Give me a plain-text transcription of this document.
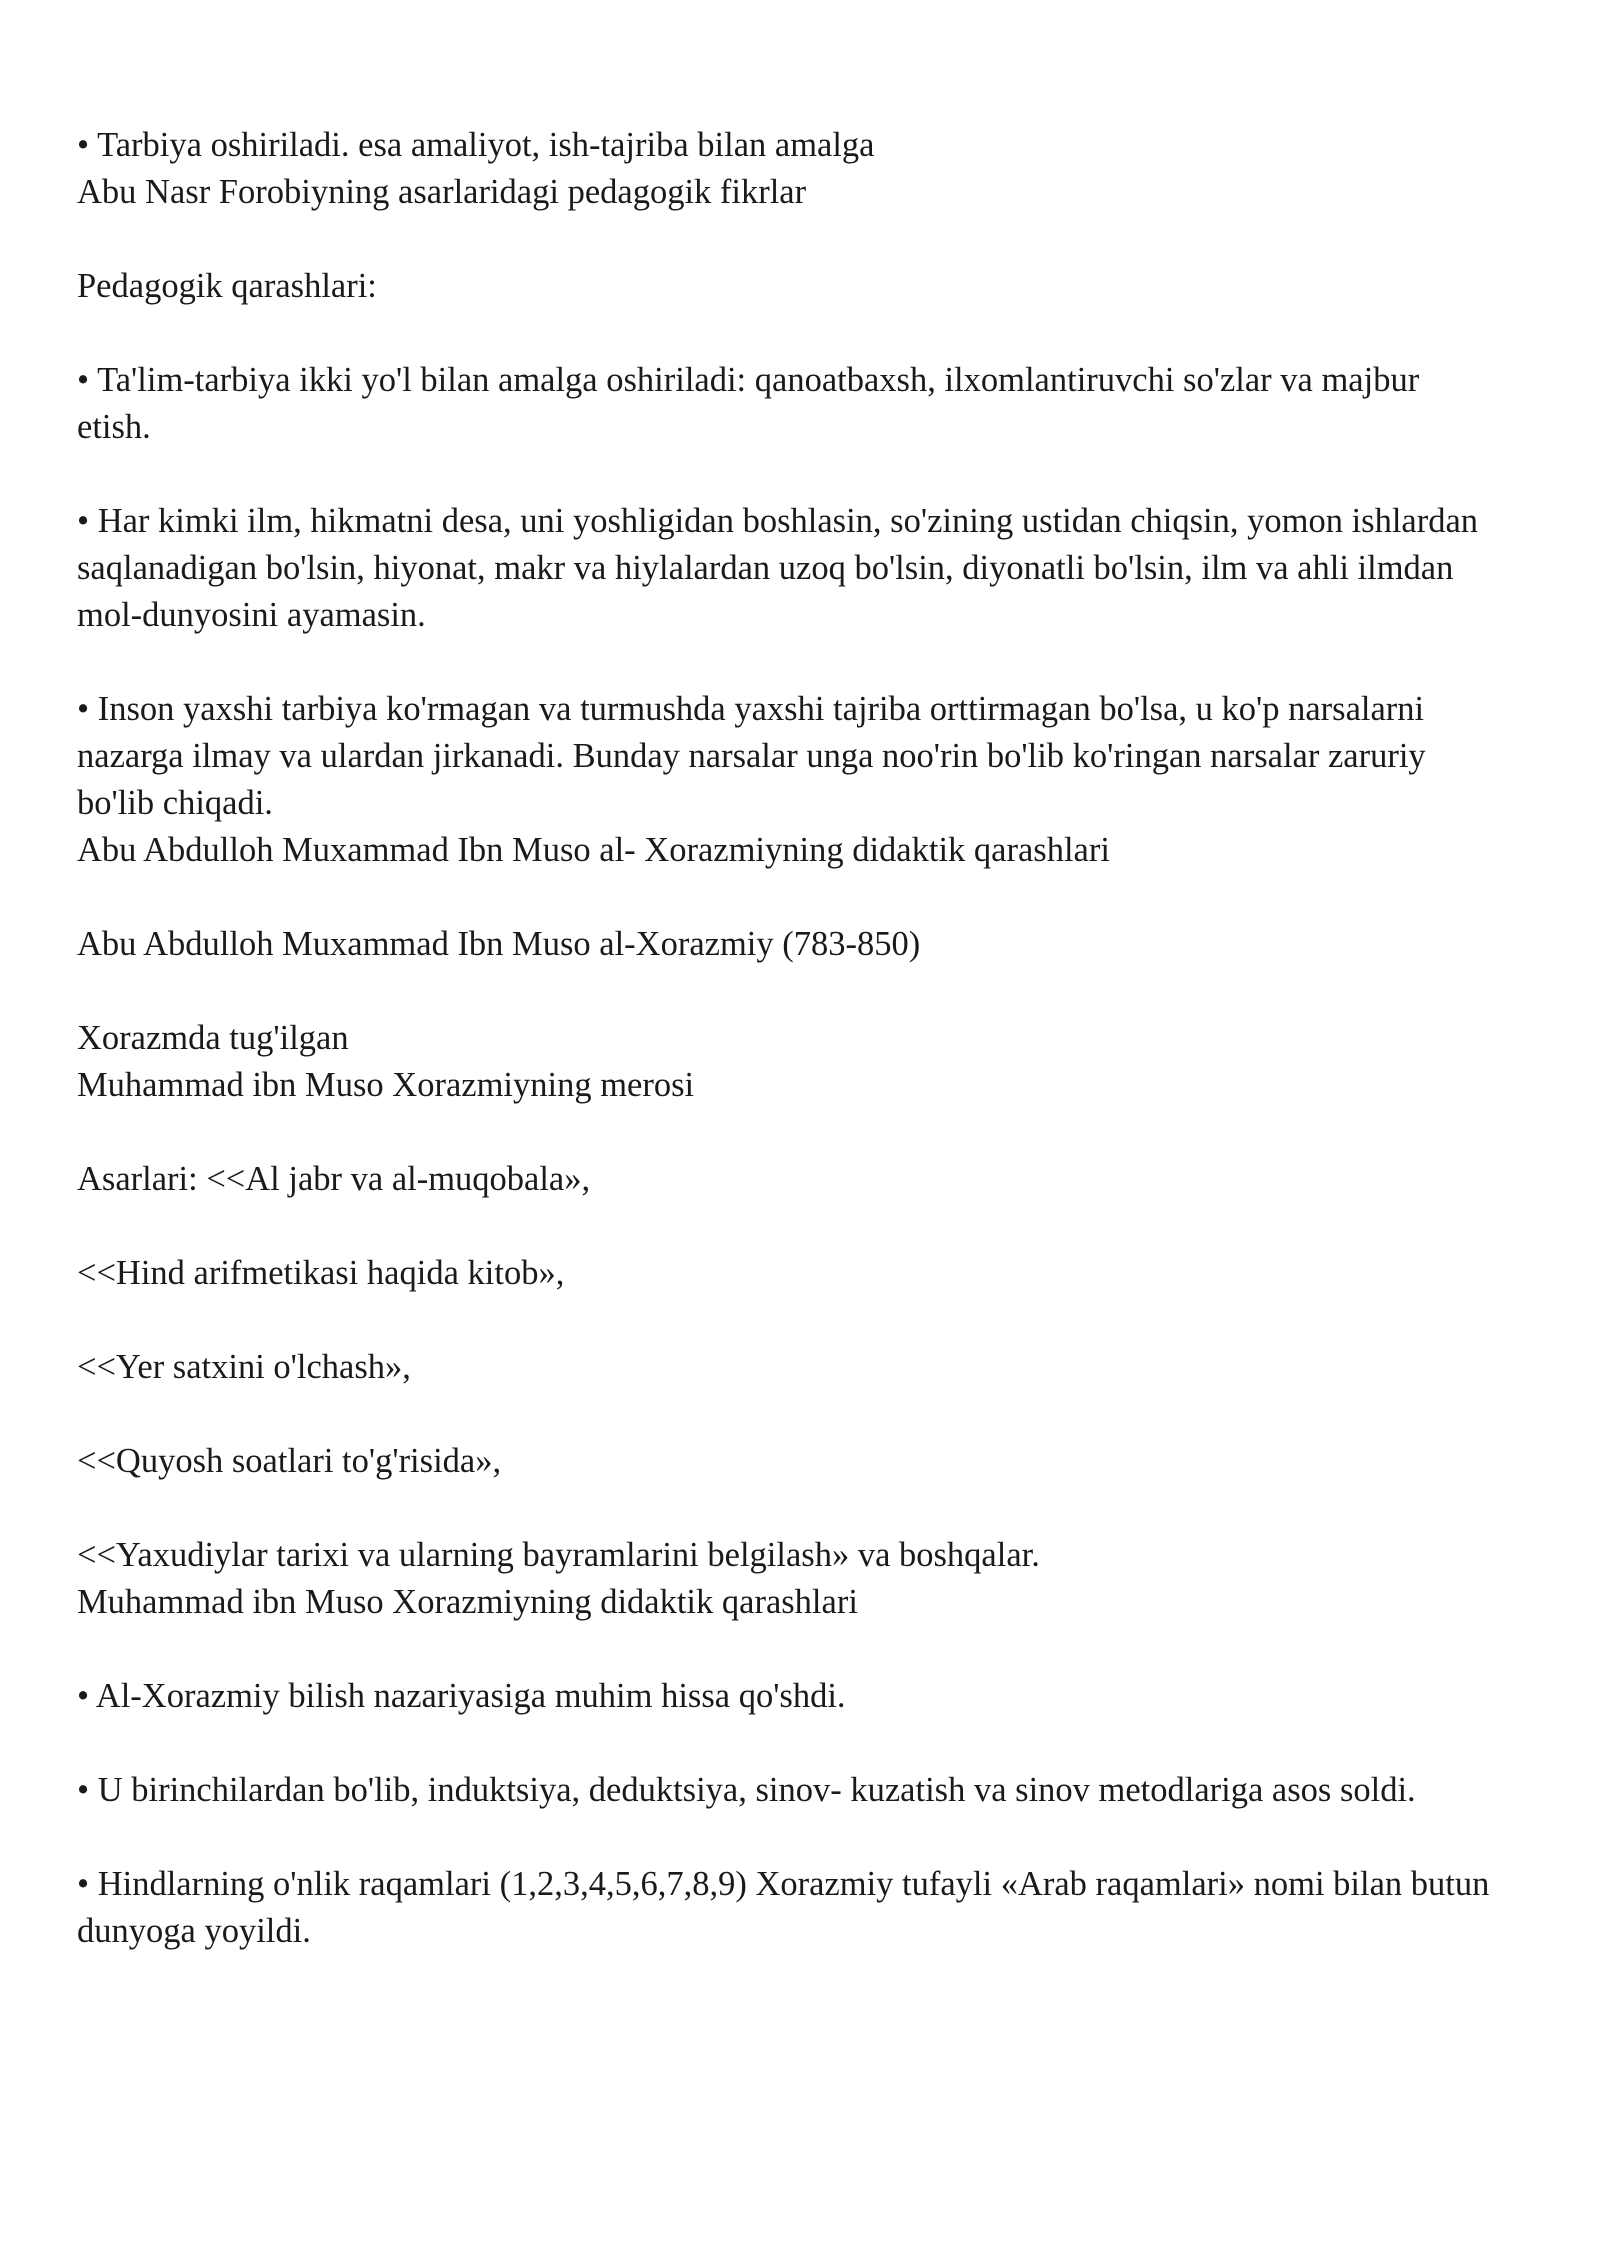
• Tarbiya oshiriladi. esa amaliyot, ish-tajriba bilan amalga

Abu Nasr Forobiyning asarlaridagi pedagogik fikrlar

Pedagogik qarashlari:

• Ta'lim-tarbiya ikki yo'l bilan amalga oshiriladi: qanoatbaxsh, ilxomlantiruvchi so'zlar va majbur etish.

• Har kimki ilm, hikmatni desa, uni yoshligidan boshlasin, so'zining ustidan chiqsin, yomon ishlardan saqlanadigan bo'lsin, hiyonat, makr va hiylalardan uzoq bo'lsin, diyonatli bo'lsin, ilm va ahli ilmdan mol-dunyosini ayamasin.

• Inson yaxshi tarbiya ko'rmagan va turmushda yaxshi tajriba orttirmagan bo'lsa, u ko'p narsalarni nazarga ilmay va ulardan jirkanadi. Bunday narsalar unga noo'rin bo'lib ko'ringan narsalar zaruriy bo'lib chiqadi.

Abu Abdulloh Muxammad Ibn Muso al- Xorazmiyning didaktik qarashlari

Abu Abdulloh Muxammad Ibn Muso al-Xorazmiy (783-850)

Xorazmda tug'ilgan

Muhammad ibn Muso Xorazmiyning merosi

Asarlari: <<Al jabr va al-muqobala»,

<<Hind arifmetikasi haqida kitob»,

<<Yer satxini o'lchash»,

<<Quyosh soatlari to'g'risida»,

<<Yaxudiylar tarixi va ularning bayramlarini belgilash» va boshqalar.

Muhammad ibn Muso Xorazmiyning didaktik qarashlari

• Al-Xorazmiy bilish nazariyasiga muhim hissa qo'shdi.

• U birinchilardan bo'lib, induktsiya, deduktsiya, sinov- kuzatish va sinov metodlariga asos soldi.

• Hindlarning o'nlik raqamlari (1,2,3,4,5,6,7,8,9) Xorazmiy tufayli «Arab raqamlari» nomi bilan butun dunyoga yoyildi.
